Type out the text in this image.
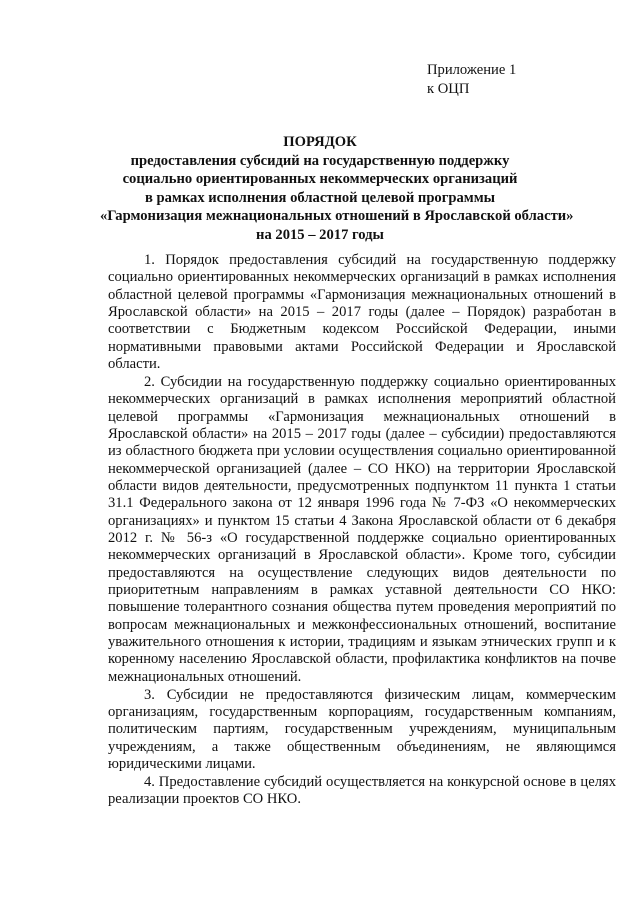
Приложение 1
к ОЦП
ПОРЯДОК
предоставления субсидий на государственную поддержку
социально ориентированных некоммерческих организаций
в рамках исполнения областной целевой программы
«Гармонизация межнациональных отношений в Ярославской области»
на 2015 – 2017 годы

1. Порядок предоставления субсидий на государственную поддержку социально ориентированных некоммерческих организаций в рамках исполнения областной целевой программы «Гармонизация межнациональных отношений в Ярославской области» на 2015 – 2017 годы (далее – Порядок) разработан в соответствии с Бюджетным кодексом Российской Федерации, иными нормативными правовыми актами Российской Федерации и Ярославской области.

2. Субсидии на государственную поддержку социально ориентированных некоммерческих организаций в рамках исполнения мероприятий областной целевой программы «Гармонизация межнациональных отношений в Ярославской области» на 2015 – 2017 годы (далее – субсидии) предоставляются из областного бюджета при условии осуществления социально ориентированной некоммерческой организацией (далее – СО НКО) на территории Ярославской области видов деятельности, предусмотренных подпунктом 11 пункта 1 статьи 31.1 Федерального закона от 12 января 1996 года № 7-ФЗ «О некоммерческих организациях» и пунктом 15 статьи 4 Закона Ярославской области от 6 декабря 2012 г. № 56-з «О государственной поддержке социально ориентированных некоммерческих организаций в Ярославской области». Кроме того, субсидии предоставляются на осуществление следующих видов деятельности по приоритетным направлениям в рамках уставной деятельности СО НКО: повышение толерантного сознания общества путем проведения мероприятий по вопросам межнациональных и межконфессиональных отношений, воспитание уважительного отношения к истории, традициям и языкам этнических групп и к коренному населению Ярославской области, профилактика конфликтов на почве межнациональных отношений.

3. Субсидии не предоставляются физическим лицам, коммерческим организациям, государственным корпорациям, государственным компаниям, политическим партиям, государственным учреждениям, муниципальным учреждениям, а также общественным объединениям, не являющимся юридическими лицами.

4. Предоставление субсидий осуществляется на конкурсной основе в целях реализации проектов СО НКО.
